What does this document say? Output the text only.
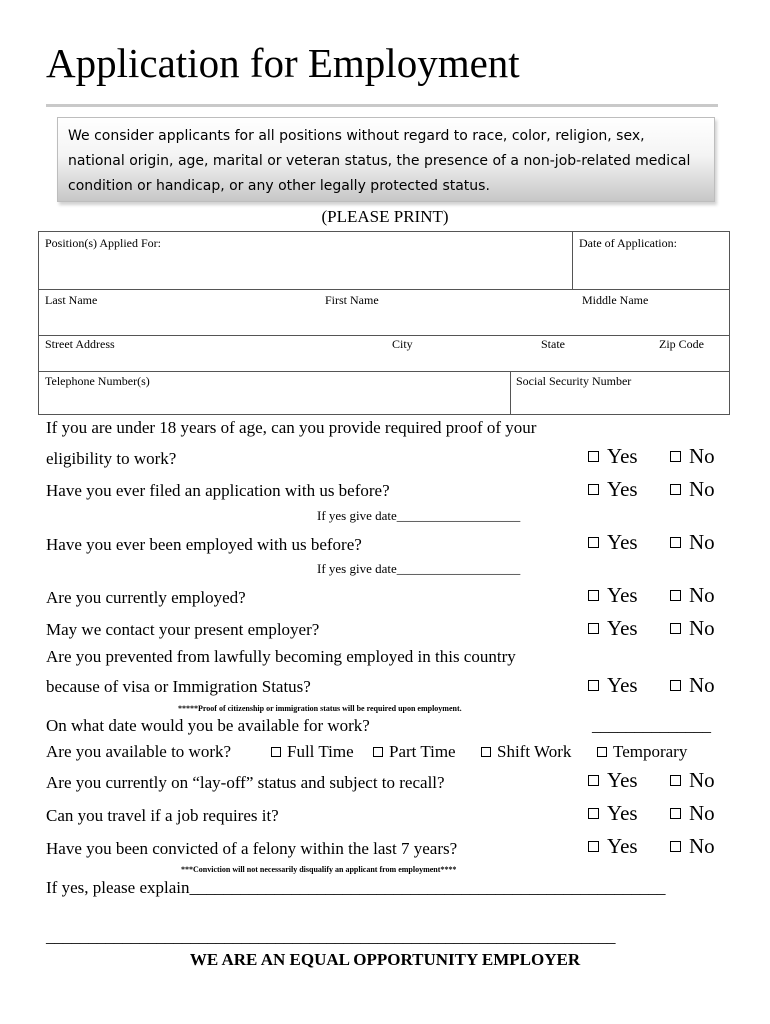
Application for Employment
We consider applicants for all positions without regard to race, color, religion, sex,
national origin, age, marital or veteran status, the presence of a non-job-related medical
condition or handicap, or any other legally protected status.
(PLEASE PRINT)
Position(s) Applied For:	Date of Application:
Last Name	First Name	Middle Name
Street Address	City	State	Zip Code
Telephone Number(s)	Social Security Number
If you are under 18 years of age, can you provide required proof of your
eligibility to work?	Yes	No
Have you ever filed an application with us before?	Yes	No
If yes give date___________________
Have you ever been employed with us before?	Yes	No
If yes give date___________________
Are you currently employed?	Yes	No
May we contact your present employer?	Yes	No
Are you prevented from lawfully becoming employed in this country
because of visa or Immigration Status?	Yes	No
*****Proof of citizenship or immigration status will be required upon employment.
On what date would you be available for work?	______________
Are you available to work?	Full Time	Part Time	Shift Work	Temporary
Are you currently on “lay-off” status and subject to recall?	Yes	No
Can you travel if a job requires it?	Yes	No
Have you been convicted of a felony within the last 7 years?	Yes	No
***Conviction will not necessarily disqualify an applicant from employment****
If yes, please explain________________________________________________________
___________________________________________________________________
WE ARE AN EQUAL OPPORTUNITY EMPLOYER
